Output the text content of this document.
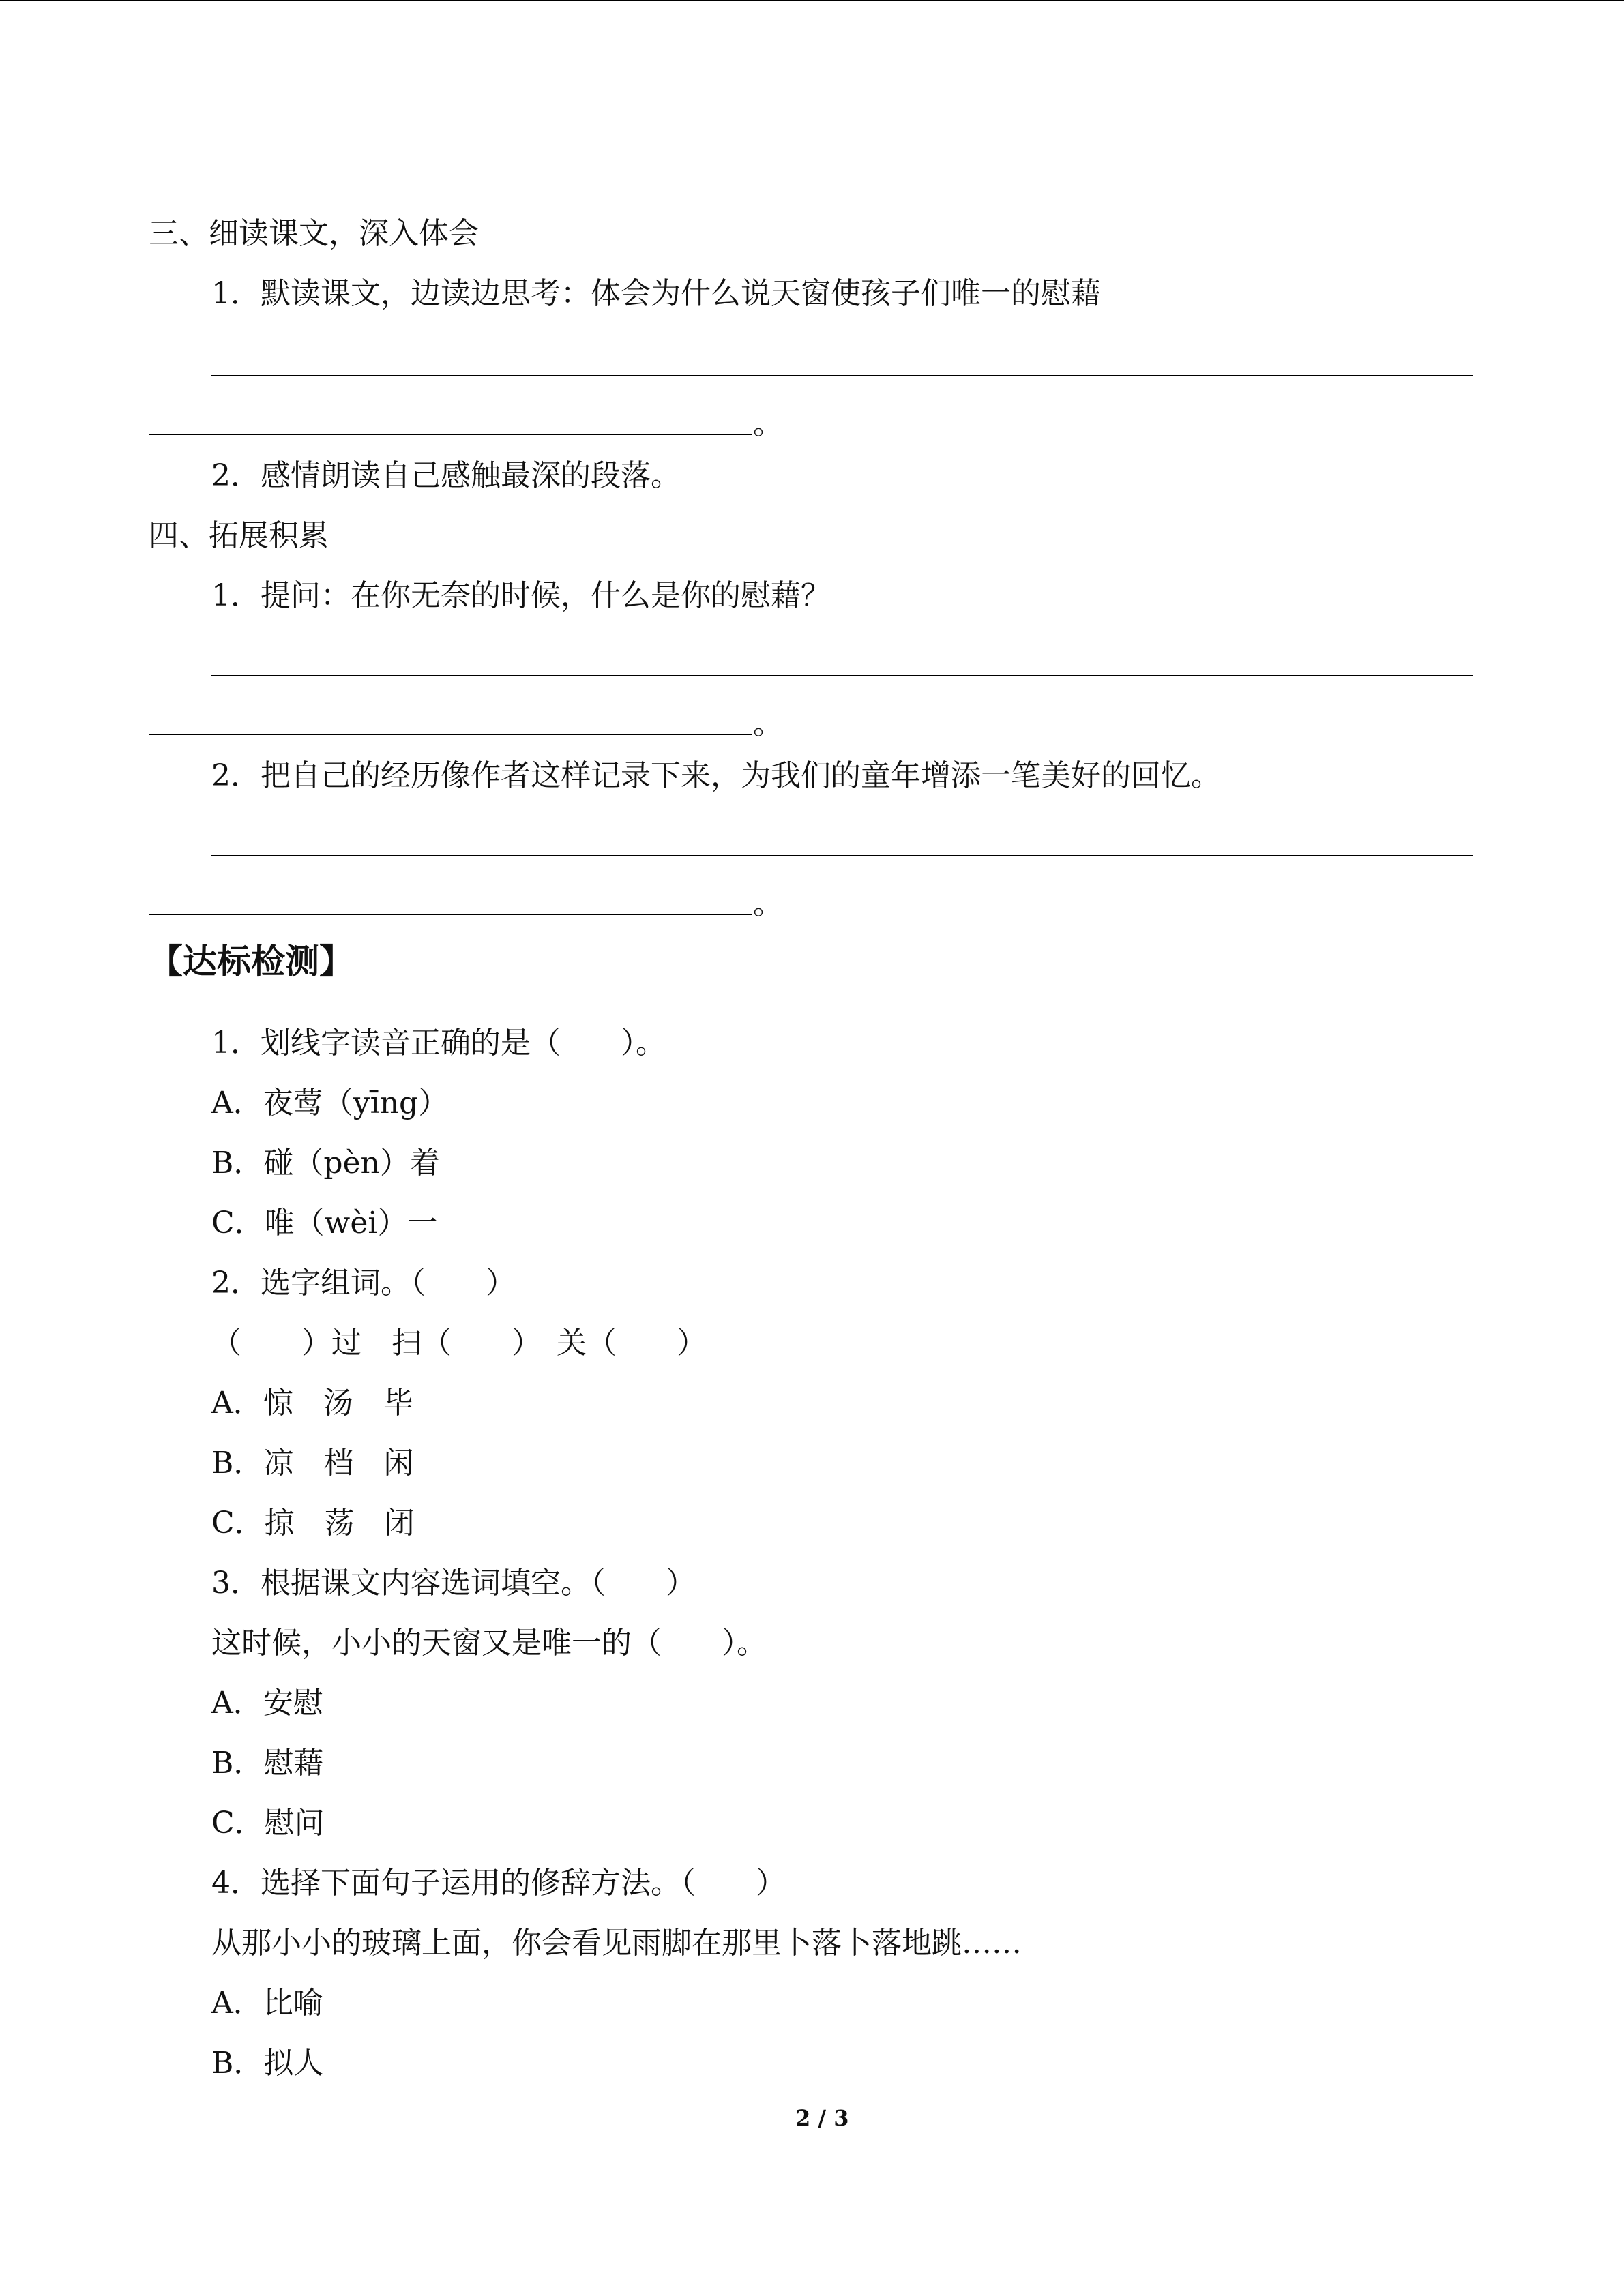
三、细读课文，深入体会
1．默读课文，边读边思考：体会为什么说天窗使孩子们唯一的慰藉
。
2．感情朗读自己感触最深的段落。
四、拓展积累
1．提问：在你无奈的时候，什么是你的慰藉？
。
2．把自己的经历像作者这样记录下来，为我们的童年增添一笔美好的回忆。
。
【达标检测】
1．划线字读音正确的是（　　）。
A．夜莺（yīng）
B．碰（pèn）着
C．唯（wèi）一
2．选字组词。（　　）
（　　）过　扫（　　）　关（　　）
A．惊　汤　毕
B．凉　档　闲
C．掠　荡　闭
3．根据课文内容选词填空。（　　）
这时候，小小的天窗又是唯一的（　　）。
A．安慰
B．慰藉
C．慰问
4．选择下面句子运用的修辞方法。（　　）
从那小小的玻璃上面，你会看见雨脚在那里卜落卜落地跳……
A．比喻
B．拟人
2 / 3
